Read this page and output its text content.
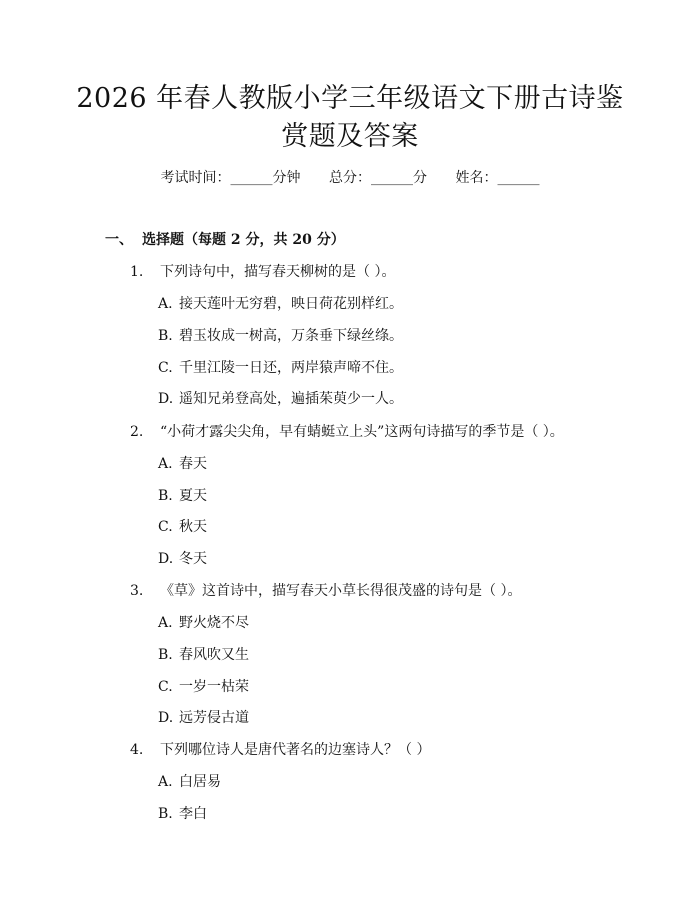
2026 年春人教版小学三年级语文下册古诗鉴
赏题及答案
考试时间：______分钟 总分：______分 姓名：______
一、 选择题（每题 2 分，共 20 分）
1. 下列诗句中，描写春天柳树的是（ ）。
A. 接天莲叶无穷碧，映日荷花别样红。
B. 碧玉妆成一树高，万条垂下绿丝绦。
C. 千里江陵一日还，两岸猿声啼不住。
D. 遥知兄弟登高处，遍插茱萸少一人。
2. “小荷才露尖尖角，早有蜻蜓立上头”这两句诗描写的季节是（ ）。
A. 春天
B. 夏天
C. 秋天
D. 冬天
3. 《草》这首诗中，描写春天小草长得很茂盛的诗句是（ ）。
A. 野火烧不尽
B. 春风吹又生
C. 一岁一枯荣
D. 远芳侵古道
4. 下列哪位诗人是唐代著名的边塞诗人？（ ）
A. 白居易
B. 李白
